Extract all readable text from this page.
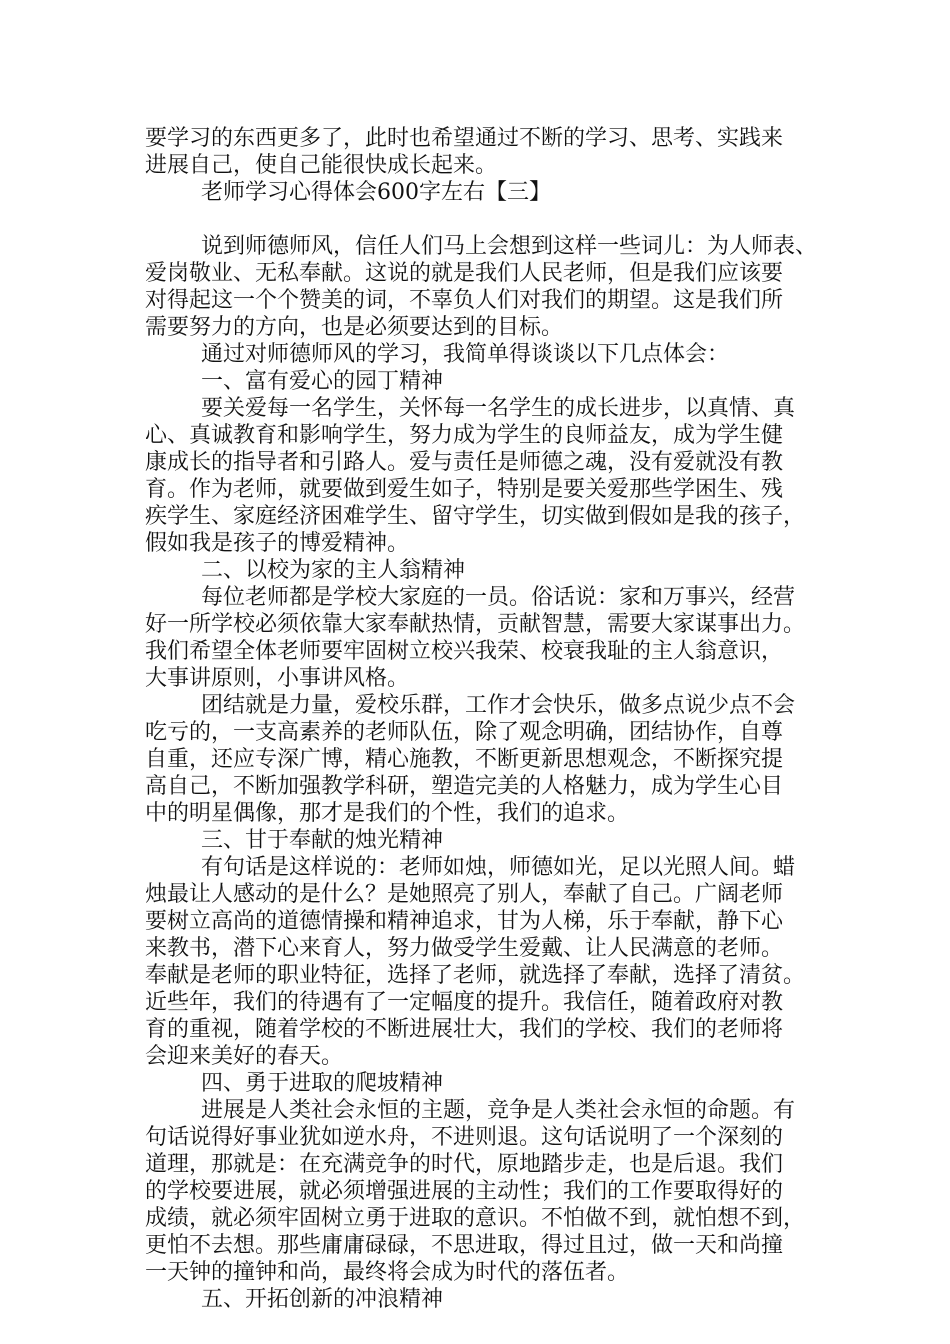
要学习的东西更多了，此时也希望通过不断的学习、思考、实践来
进展自己，使自己能很快成长起来。
老师学习心得体会600字左右【三】
说到师德师风，信任人们马上会想到这样一些词儿：为人师表、
爱岗敬业、无私奉献。这说的就是我们人民老师，但是我们应该要
对得起这一个个赞美的词，不辜负人们对我们的期望。这是我们所
需要努力的方向，也是必须要达到的目标。
通过对师德师风的学习，我简单得谈谈以下几点体会：
一、富有爱心的园丁精神
要关爱每一名学生，关怀每一名学生的成长进步，以真情、真
心、真诚教育和影响学生，努力成为学生的良师益友，成为学生健
康成长的指导者和引路人。爱与责任是师德之魂，没有爱就没有教
育。作为老师，就要做到爱生如子，特别是要关爱那些学困生、残
疾学生、家庭经济困难学生、留守学生，切实做到假如是我的孩子，
假如我是孩子的博爱精神。
二、以校为家的主人翁精神
每位老师都是学校大家庭的一员。俗话说：家和万事兴，经营
好一所学校必须依靠大家奉献热情，贡献智慧，需要大家谋事出力。
我们希望全体老师要牢固树立校兴我荣、校衰我耻的主人翁意识，
大事讲原则，小事讲风格。
团结就是力量，爱校乐群，工作才会快乐，做多点说少点不会
吃亏的，一支高素养的老师队伍，除了观念明确，团结协作，自尊
自重，还应专深广博，精心施教，不断更新思想观念，不断探究提
高自己，不断加强教学科研，塑造完美的人格魅力，成为学生心目
中的明星偶像，那才是我们的个性，我们的追求。
三、甘于奉献的烛光精神
有句话是这样说的：老师如烛，师德如光，足以光照人间。蜡
烛最让人感动的是什么？是她照亮了别人，奉献了自己。广阔老师
要树立高尚的道德情操和精神追求，甘为人梯，乐于奉献，静下心
来教书，潜下心来育人，努力做受学生爱戴、让人民满意的老师。
奉献是老师的职业特征，选择了老师，就选择了奉献，选择了清贫。
近些年，我们的待遇有了一定幅度的提升。我信任，随着政府对教
育的重视，随着学校的不断进展壮大，我们的学校、我们的老师将
会迎来美好的春天。
四、勇于进取的爬坡精神
进展是人类社会永恒的主题，竞争是人类社会永恒的命题。有
句话说得好事业犹如逆水舟，不进则退。这句话说明了一个深刻的
道理，那就是：在充满竞争的时代，原地踏步走，也是后退。我们
的学校要进展，就必须增强进展的主动性；我们的工作要取得好的
成绩，就必须牢固树立勇于进取的意识。不怕做不到，就怕想不到，
更怕不去想。那些庸庸碌碌，不思进取，得过且过，做一天和尚撞
一天钟的撞钟和尚，最终将会成为时代的落伍者。
五、开拓创新的冲浪精神
